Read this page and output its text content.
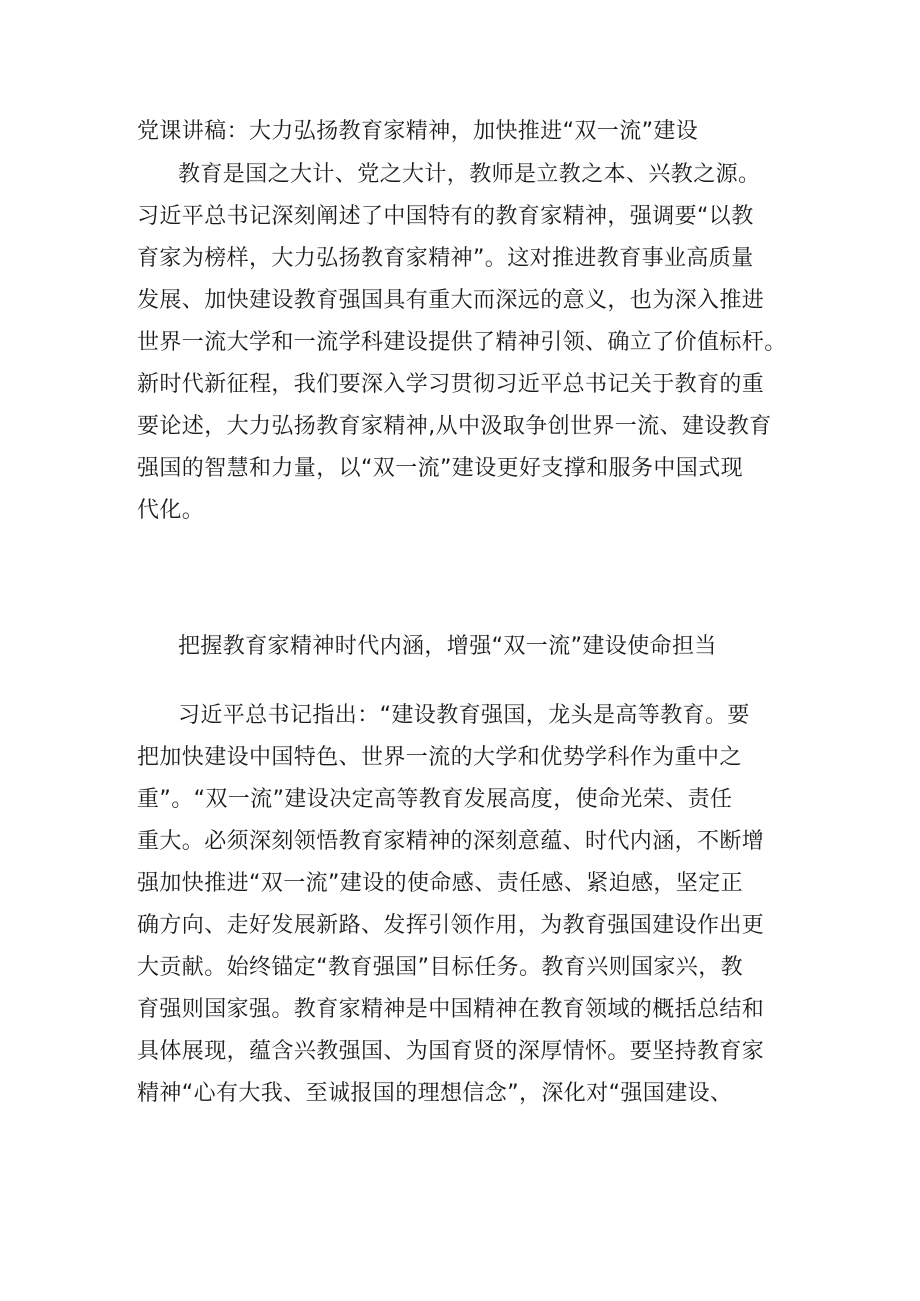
党课讲稿：大力弘扬教育家精神，加快推进“双一流”建设
教育是国之大计、党之大计，教师是立教之本、兴教之源。
习近平总书记深刻阐述了中国特有的教育家精神，强调要“以教
育家为榜样，大力弘扬教育家精神”。这对推进教育事业高质量
发展、加快建设教育强国具有重大而深远的意义，也为深入推进
世界一流大学和一流学科建设提供了精神引领、确立了价值标杆。
新时代新征程，我们要深入学习贯彻习近平总书记关于教育的重
要论述，大力弘扬教育家精神,从中汲取争创世界一流、建设教育
强国的智慧和力量，以“双一流”建设更好支撑和服务中国式现
代化。
把握教育家精神时代内涵，增强“双一流”建设使命担当
习近平总书记指出：“建设教育强国，龙头是高等教育。要
把加快建设中国特色、世界一流的大学和优势学科作为重中之
重”。“双一流”建设决定高等教育发展高度，使命光荣、责任
重大。必须深刻领悟教育家精神的深刻意蕴、时代内涵，不断增
强加快推进“双一流”建设的使命感、责任感、紧迫感，坚定正
确方向、走好发展新路、发挥引领作用，为教育强国建设作出更
大贡献。始终锚定“教育强国”目标任务。教育兴则国家兴，教
育强则国家强。教育家精神是中国精神在教育领域的概括总结和
具体展现，蕴含兴教强国、为国育贤的深厚情怀。要坚持教育家
精神“心有大我、至诚报国的理想信念”，深化对“强国建设、
